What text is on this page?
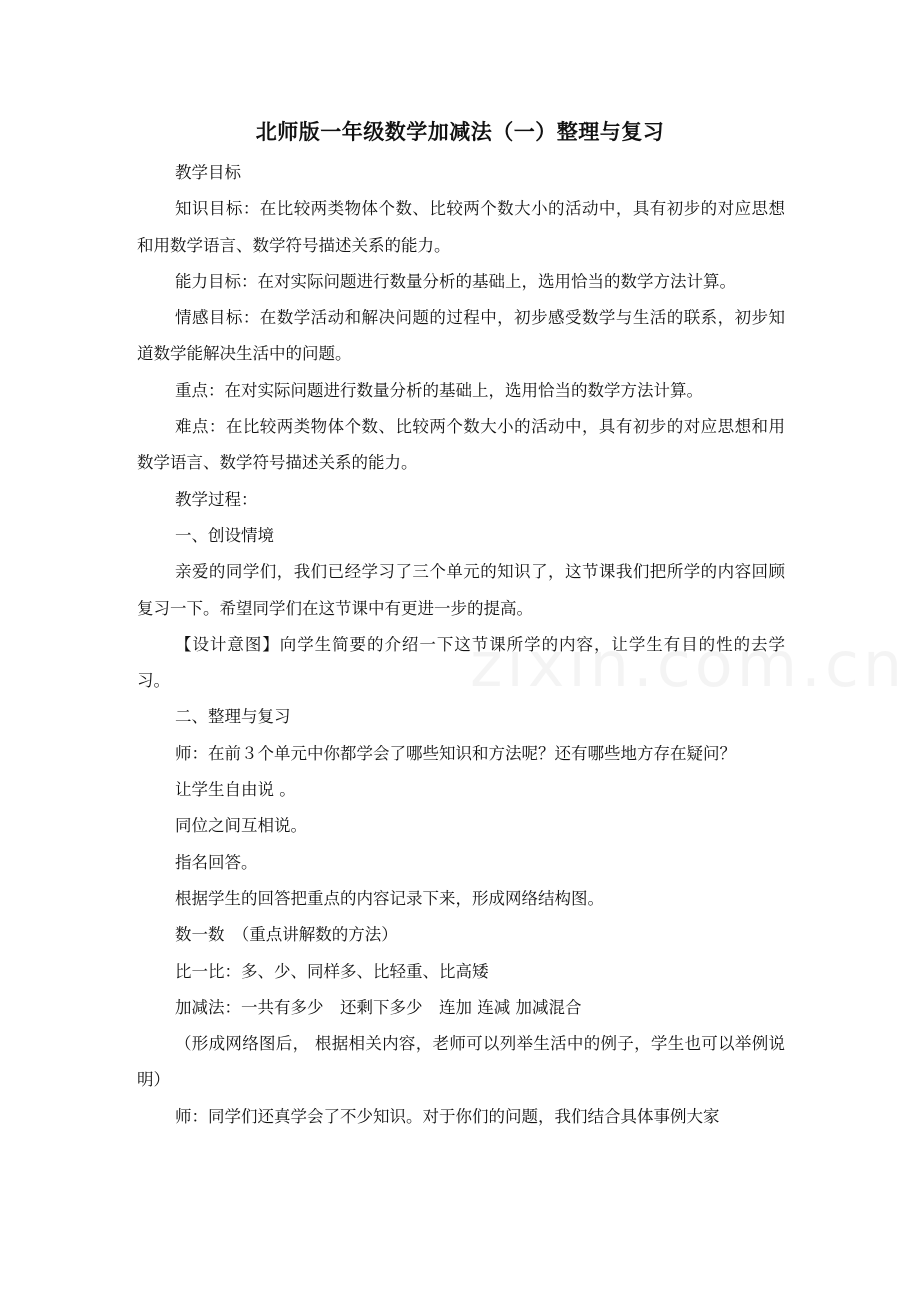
北师版一年级数学加减法（一）整理与复习

教学目标

知识目标：在比较两类物体个数、比较两个数大小的活动中，具有初步的对应思想和用数学语言、数学符号描述关系的能力。

能力目标：在对实际问题进行数量分析的基础上，选用恰当的数学方法计算。

情感目标：在数学活动和解决问题的过程中，初步感受数学与生活的联系，初步知道数学能解决生活中的问题。

重点：在对实际问题进行数量分析的基础上，选用恰当的数学方法计算。

难点：在比较两类物体个数、比较两个数大小的活动中，具有初步的对应思想和用数学语言、数学符号描述关系的能力。

教学过程：

一、创设情境

亲爱的同学们，我们已经学习了三个单元的知识了，这节课我们把所学的内容回顾复习一下。希望同学们在这节课中有更进一步的提高。

【设计意图】向学生简要的介绍一下这节课所学的内容，让学生有目的性的去学习。

二、整理与复习

师：在前３个单元中你都学会了哪些知识和方法呢？还有哪些地方存在疑问？

让学生自由说 。

同位之间互相说。

指名回答。

根据学生的回答把重点的内容记录下来，形成网络结构图。

数一数　（重点讲解数的方法）

比一比：多、少、同样多、比轻重、比高矮

加减法：一共有多少　还剩下多少　连加 连减 加减混合

（形成网络图后， 根据相关内容，老师可以列举生活中的例子，学生也可以举例说明）

师：同学们还真学会了不少知识。对于你们的问题，我们结合具体事例大家
